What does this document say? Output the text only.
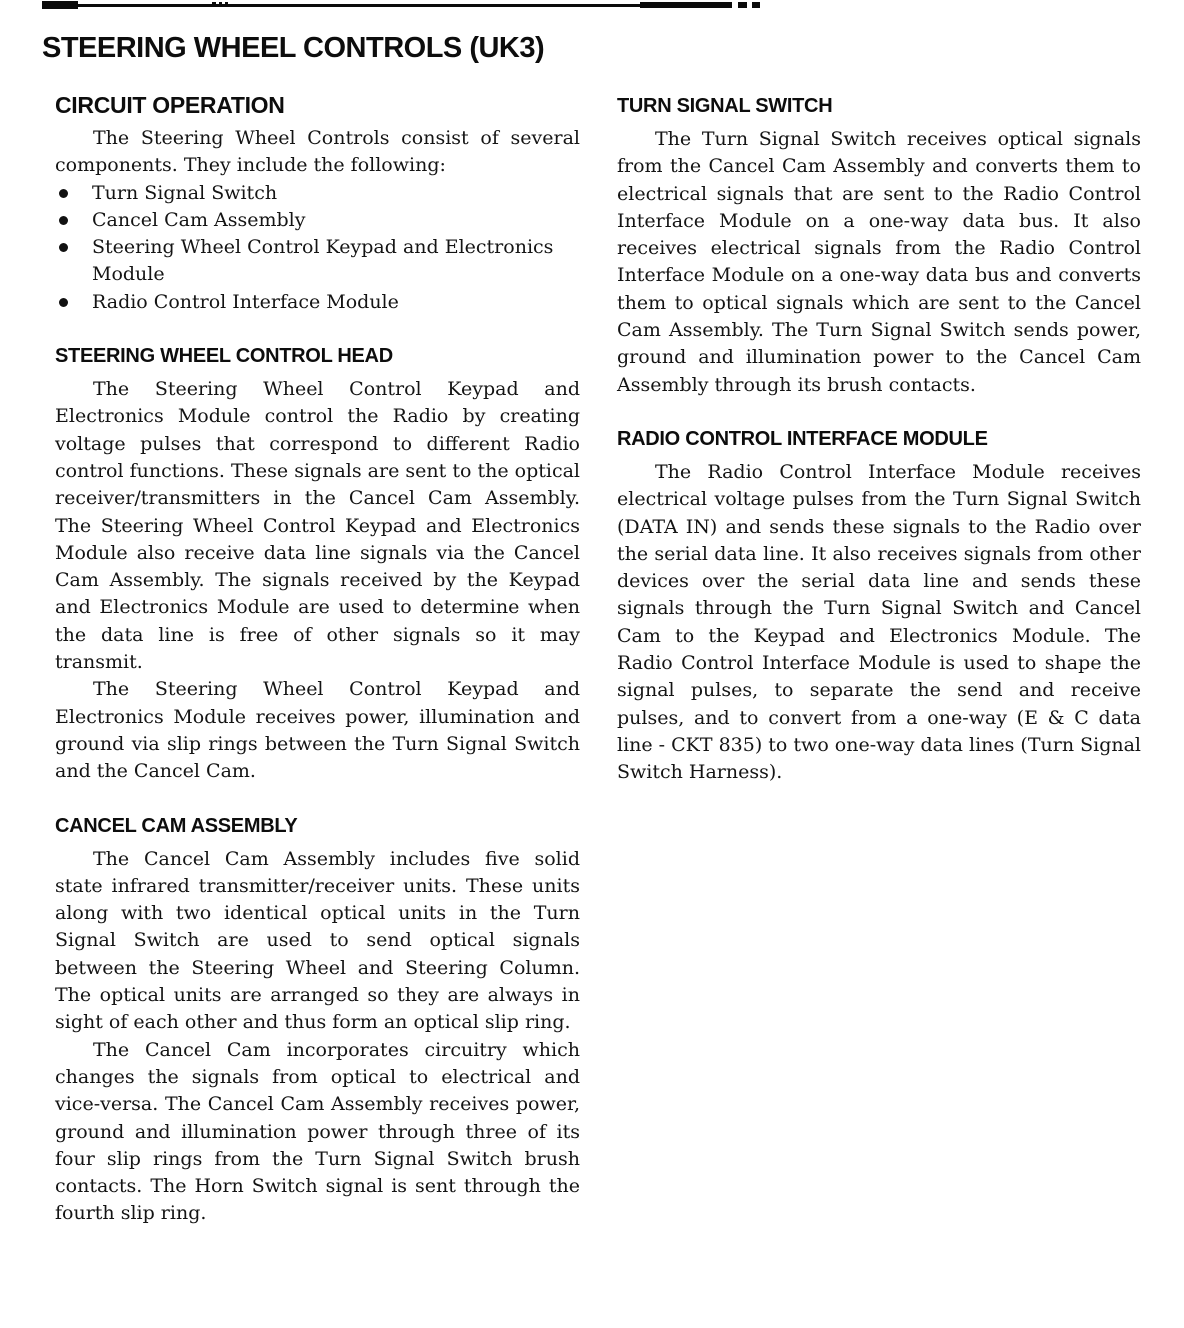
STEERING WHEEL CONTROLS (UK3)
CIRCUIT OPERATION

The Steering Wheel Controls consist of several components. They include the following:

Turn Signal Switch
Cancel Cam Assembly
Steering Wheel Control Keypad and Electronics Module
Radio Control Interface Module
STEERING WHEEL CONTROL HEAD

The Steering Wheel Control Keypad and Electronics Module control the Radio by creating voltage pulses that correspond to different Radio control functions. These signals are sent to the optical receiver/transmitters in the Cancel Cam Assembly. The Steering Wheel Control Keypad and Electronics Module also receive data line signals via the Cancel Cam Assembly. The signals received by the Keypad and Electronics Module are used to determine when the data line is free of other signals so it may transmit.

The Steering Wheel Control Keypad and Electronics Module receives power, illumination and ground via slip rings between the Turn Signal Switch and the Cancel Cam.

CANCEL CAM ASSEMBLY

The Cancel Cam Assembly includes five solid state infrared transmitter/receiver units. These units along with two identical optical units in the Turn Signal Switch are used to send optical signals between the Steering Wheel and Steering Column. The optical units are arranged so they are always in sight of each other and thus form an optical slip ring.

The Cancel Cam incorporates circuitry which changes the signals from optical to electrical and vice-versa. The Cancel Cam Assembly receives power, ground and illumination power through three of its four slip rings from the Turn Signal Switch brush contacts. The Horn Switch signal is sent through the fourth slip ring.

TURN SIGNAL SWITCH

The Turn Signal Switch receives optical signals from the Cancel Cam Assembly and converts them to electrical signals that are sent to the Radio Control Interface Module on a one-way data bus. It also receives electrical signals from the Radio Control Interface Module on a one-way data bus and converts them to optical signals which are sent to the Cancel Cam Assembly. The Turn Signal Switch sends power, ground and illumination power to the Cancel Cam Assembly through its brush contacts.

RADIO CONTROL INTERFACE MODULE

The Radio Control Interface Module receives electrical voltage pulses from the Turn Signal Switch (DATA IN) and sends these signals to the Radio over the serial data line. It also receives signals from other devices over the serial data line and sends these signals through the Turn Signal Switch and Cancel Cam to the Keypad and Electronics Module. The Radio Control Interface Module is used to shape the signal pulses, to separate the send and receive pulses, and to convert from a one-way (E & C data line - CKT 835) to two one-way data lines (Turn Signal Switch Harness).
